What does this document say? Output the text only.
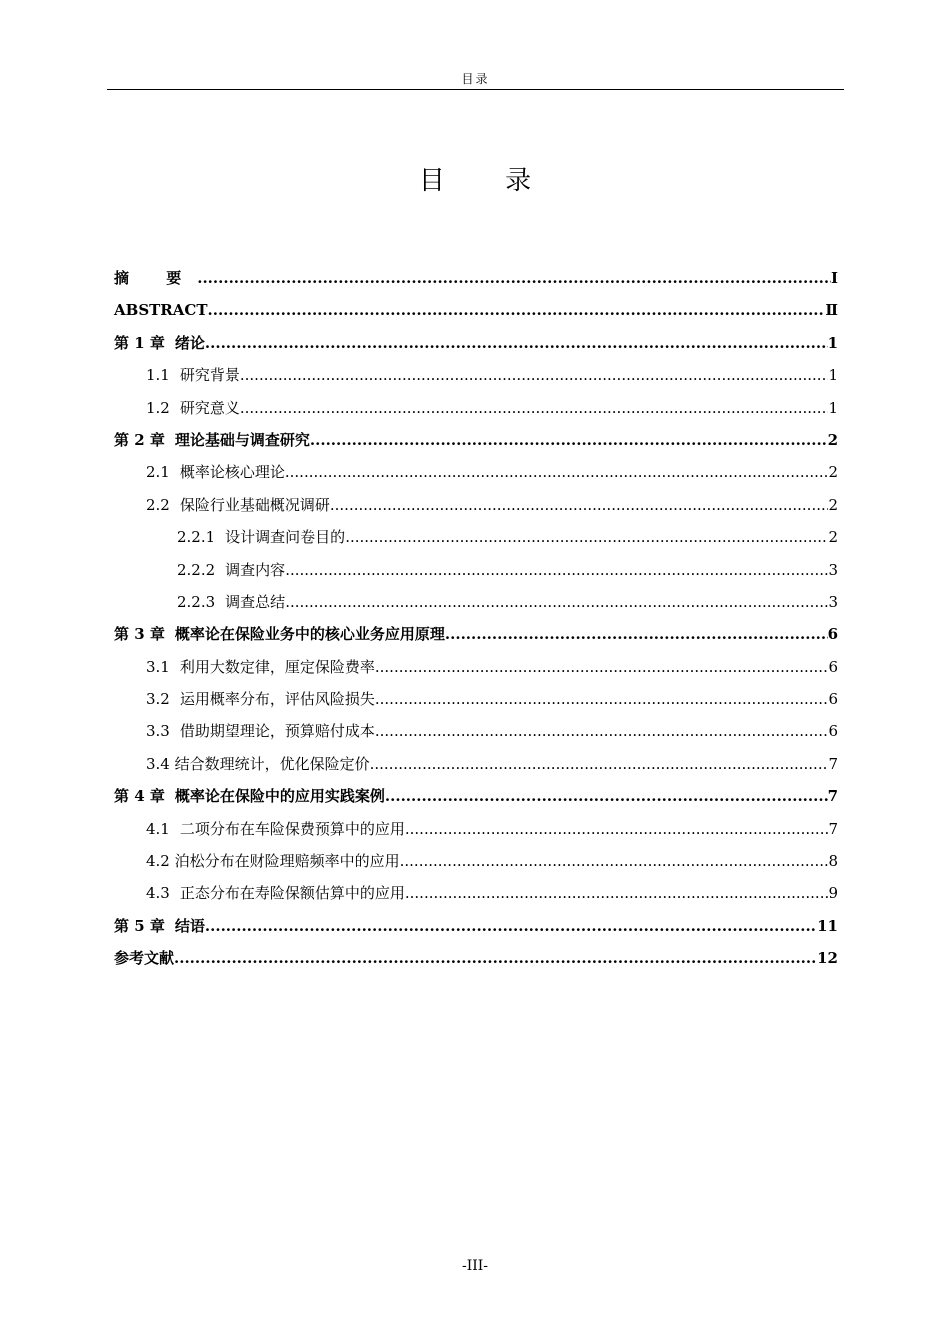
目录
目 录
摘 要 .....	I
ABSTRACT .....	Ⅱ
第 1 章 绪论 .....	1
1.1 研究背景 .....	1
1.2 研究意义 .....	1
第 2 章 理论基础与调查研究 .....	2
2.1 概率论核心理论 .....	2
2.2 保险行业基础概况调研 .....	2
2.2.1 设计调查问卷目的 .....	2
2.2.2 调查内容 .....	3
2.2.3 调查总结 .....	3
第 3 章 概率论在保险业务中的核心业务应用原理 .....	6
3.1 利用大数定律，厘定保险费率 .....	6
3.2 运用概率分布，评估风险损失 .....	6
3.3 借助期望理论，预算赔付成本 .....	6
3.4 结合数理统计，优化保险定价 .....	7
第 4 章 概率论在保险中的应用实践案例 .....	7
4.1 二项分布在车险保费预算中的应用 .....	7
4.2 泊松分布在财险理赔频率中的应用 .....	8
4.3 正态分布在寿险保额估算中的应用 .....	9
第 5 章 结语 .....	11
参考文献 .....	12
-III-
